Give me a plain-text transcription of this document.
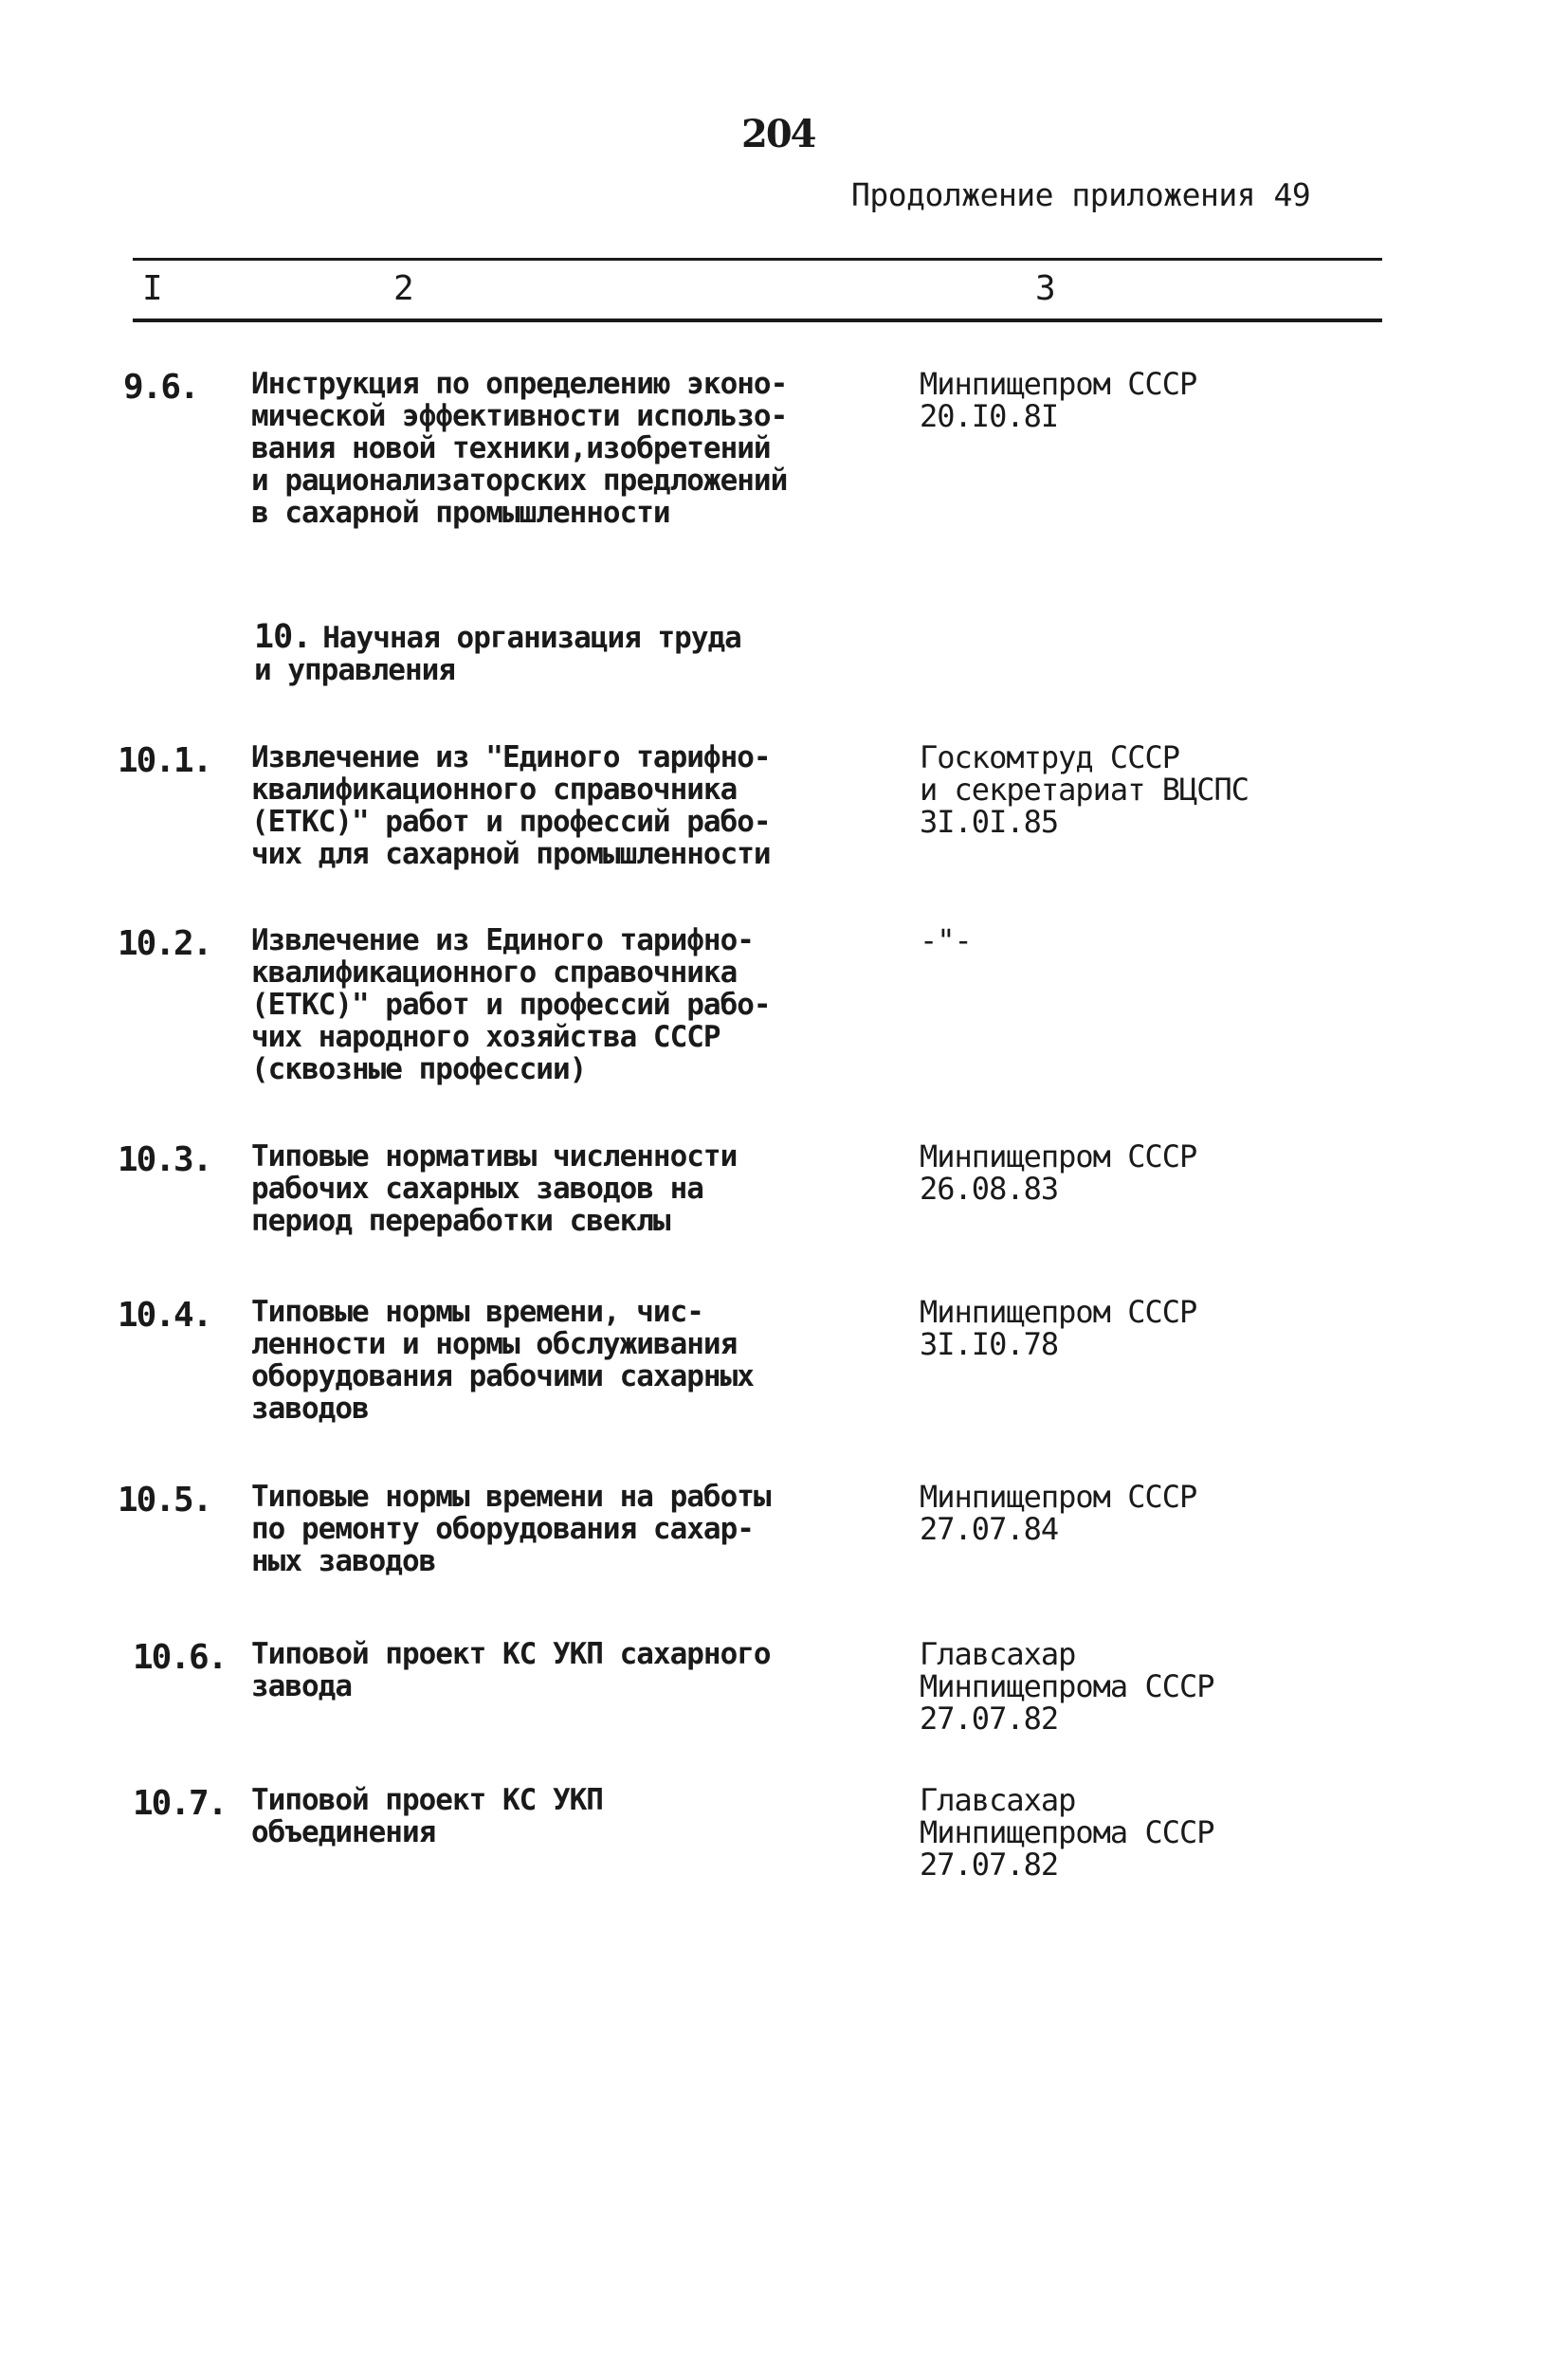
204
Продолжение приложения 49
I	2	3
9.6. Инструкция по определению эконо-
мической эффективности использо-
вания новой техники,изобретений
и рационализаторских предложений
в сахарной промышленности
Минпищепром СССР
20.I0.8I
10. Научная организация труда
и управления
10.1. Извлечение из "Единого тарифно-
квалификационного справочника
(ЕТКС)" работ и профессий рабо-
чих для сахарной промышленности
Госкомтруд СССР
и секретариат ВЦСПС
3I.0I.85
10.2. Извлечение из Единого тарифно-
квалификационного справочника
(ЕТКС)" работ и профессий рабо-
чих народного хозяйства СССР
(сквозные профессии)
-"-
10.3. Типовые нормативы численности
рабочих сахарных заводов на
период переработки свеклы
Минпищепром СССР
26.08.83
10.4. Типовые нормы времени, чис-
ленности и нормы обслуживания
оборудования рабочими сахарных
заводов
Минпищепром СССР
3I.I0.78
10.5. Типовые нормы времени на работы
по ремонту оборудования сахар-
ных заводов
Минпищепром СССР
27.07.84
10.6. Типовой проект КС УКП сахарного
завода
Главсахар
Минпищепрома СССР
27.07.82
10.7. Типовой проект КС УКП
объединения
Главсахар
Минпищепрома СССР
27.07.82
